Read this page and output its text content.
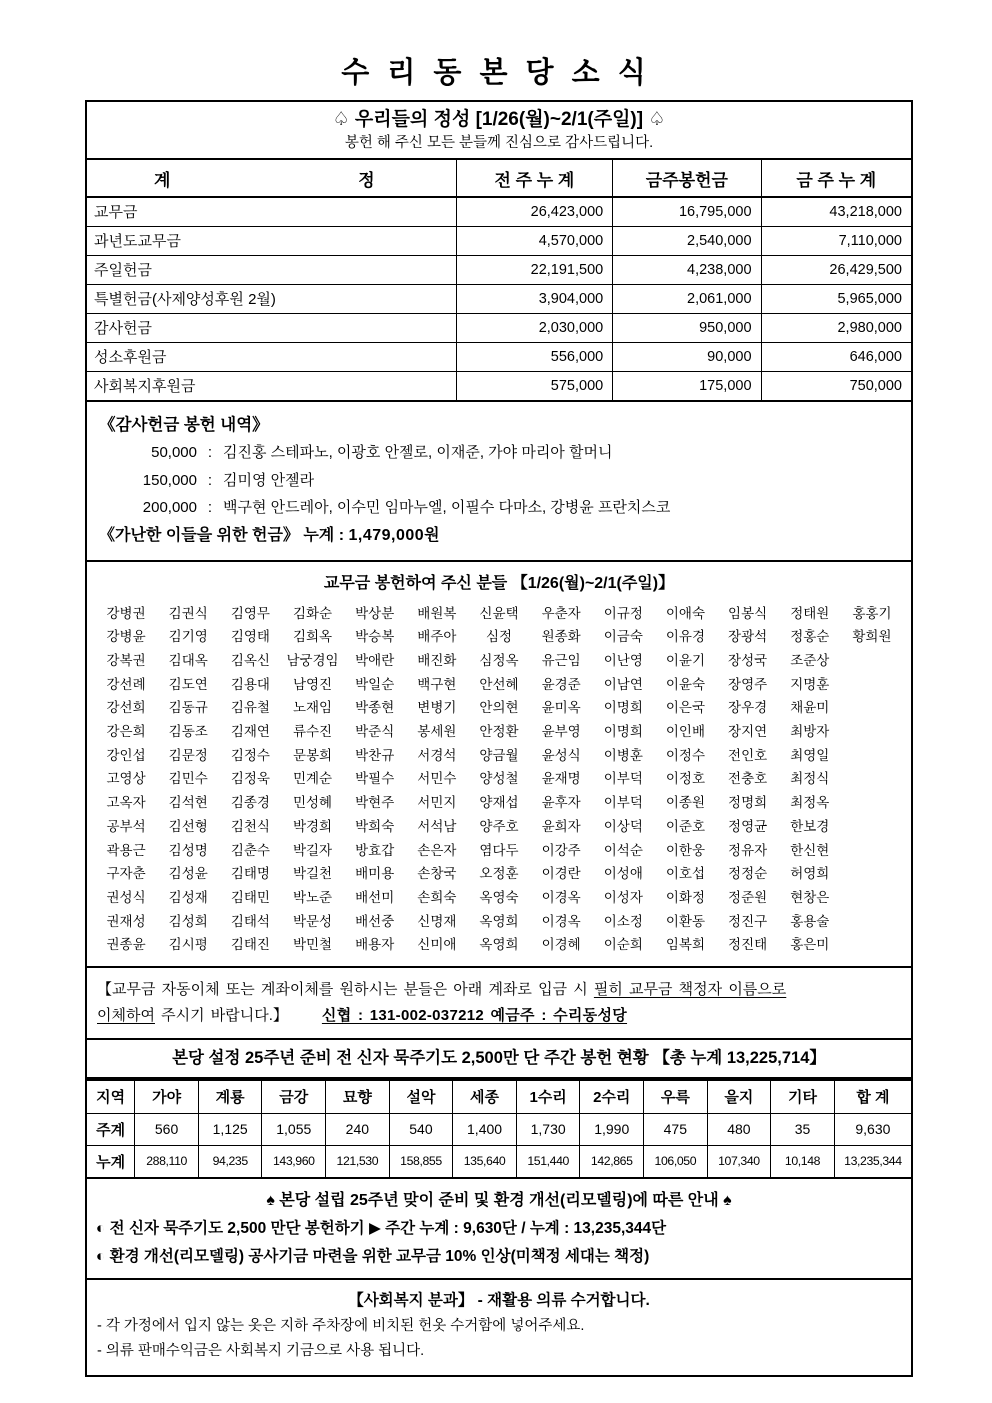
수 리 동 본 당 소 식
♤ 우리들의 정성 [1/26(월)~2/1(주일)] ♤
봉헌 해 주신 모든 분들께 진심으로 감사드립니다.
계 정	전 주 누 계	금주봉헌금	금 주 누 계
교무금	26,423,000	16,795,000	43,218,000
과년도교무금	4,570,000	2,540,000	7,110,000
주일헌금	22,191,500	4,238,000	26,429,500
특별헌금(사제양성후원 2월)	3,904,000	2,061,000	5,965,000
감사헌금	2,030,000	950,000	2,980,000
성소후원금	556,000	90,000	646,000
사회복지후원금	575,000	175,000	750,000
《감사헌금 봉헌 내역》
50,000 : 김진홍 스테파노, 이광호 안젤로, 이재준, 가야 마리아 할머니
150,000 : 김미영 안젤라
200,000 : 백구현 안드레아, 이수민 임마누엘, 이필수 다마소, 강병윤 프란치스코
《가난한 이들을 위한 헌금》 누계 : 1,479,000원
교무금 봉헌하여 주신 분들 【1/26(월)~2/1(주일)】
강병권	김권식	김영무	김화순	박상분	배원복	신윤택	우춘자	이규정	이애숙	임봉식	정태원	홍홍기
강병윤	김기영	김영태	김희옥	박승복	배주아	심정	원종화	이금숙	이유경	장광석	정홍순	황희원
강복권	김대옥	김옥신	남궁경임	박애란	배진화	심정옥	유근임	이난영	이윤기	장성국	조준상
강선례	김도연	김용대	남영진	박일순	백구현	안선혜	윤경준	이남연	이윤숙	장영주	지명훈
강선희	김동규	김유철	노재임	박종현	변병기	안의현	윤미옥	이명희	이은국	장우경	채윤미
강은희	김동조	김재연	류수진	박준식	봉세원	안정환	윤부영	이명희	이인배	장지연	최방자
강인섭	김문정	김정수	문봉희	박찬규	서경석	양금월	윤성식	이병훈	이정수	전인호	최영일
고영상	김민수	김정욱	민계순	박필수	서민수	양성철	윤재명	이부덕	이정호	전충호	최정식
고옥자	김석현	김종경	민성혜	박현주	서민지	양재섭	윤후자	이부덕	이종원	정명희	최정옥
공부석	김선형	김천식	박경희	박희숙	서석남	양주호	윤희자	이상덕	이준호	정영균	한보경
곽용근	김성명	김춘수	박길자	방효갑	손은자	염다두	이강주	이석순	이한웅	정유자	한신현
구자춘	김성윤	김태명	박길천	배미용	손창국	오정훈	이경란	이성애	이호섭	정정순	허영희
권성식	김성재	김태민	박노준	배선미	손희숙	옥영숙	이경옥	이성자	이화정	정준원	현창은
권재성	김성희	김태석	박문성	배선중	신명재	옥영희	이경옥	이소정	이환동	정진구	홍용술
권종윤	김시평	김태진	박민철	배용자	신미애	옥영희	이경혜	이순희	임복희	정진태	홍은미
【교무금 자동이체 또는 계좌이체를 원하시는 분들은 아래 계좌로 입금 시 필히 교무금 책정자 이름으로
이체하여 주시기 바랍니다.】 신협 : 131-002-037212 예금주 : 수리동성당
본당 설정 25주년 준비 전 신자 묵주기도 2,500만 단 주간 봉헌 현황 【총 누계 13,225,714】
지역	가야	계룡	금강	묘향	설악	세종	1수리	2수리	우륵	을지	기타	합 계
주계	560	1,125	1,055	240	540	1,400	1,730	1,990	475	480	35	9,630
누계	288,110	94,235	143,960	121,530	158,855	135,640	151,440	142,865	106,050	107,340	10,148	13,235,344
♠ 본당 설립 25주년 맞이 준비 및 환경 개선(리모델링)에 따른 안내 ♠
◐ 전 신자 묵주기도 2,500 만단 봉헌하기 ▶ 주간 누계 : 9,630단 / 누계 : 13,235,344단
◐ 환경 개선(리모델링) 공사기금 마련을 위한 교무금 10% 인상(미책정 세대는 책정)
【사회복지 분과】 - 재활용 의류 수거합니다.
- 각 가정에서 입지 않는 옷은 지하 주차장에 비치된 헌옷 수거함에 넣어주세요.
- 의류 판매수익금은 사회복지 기금으로 사용 됩니다.
